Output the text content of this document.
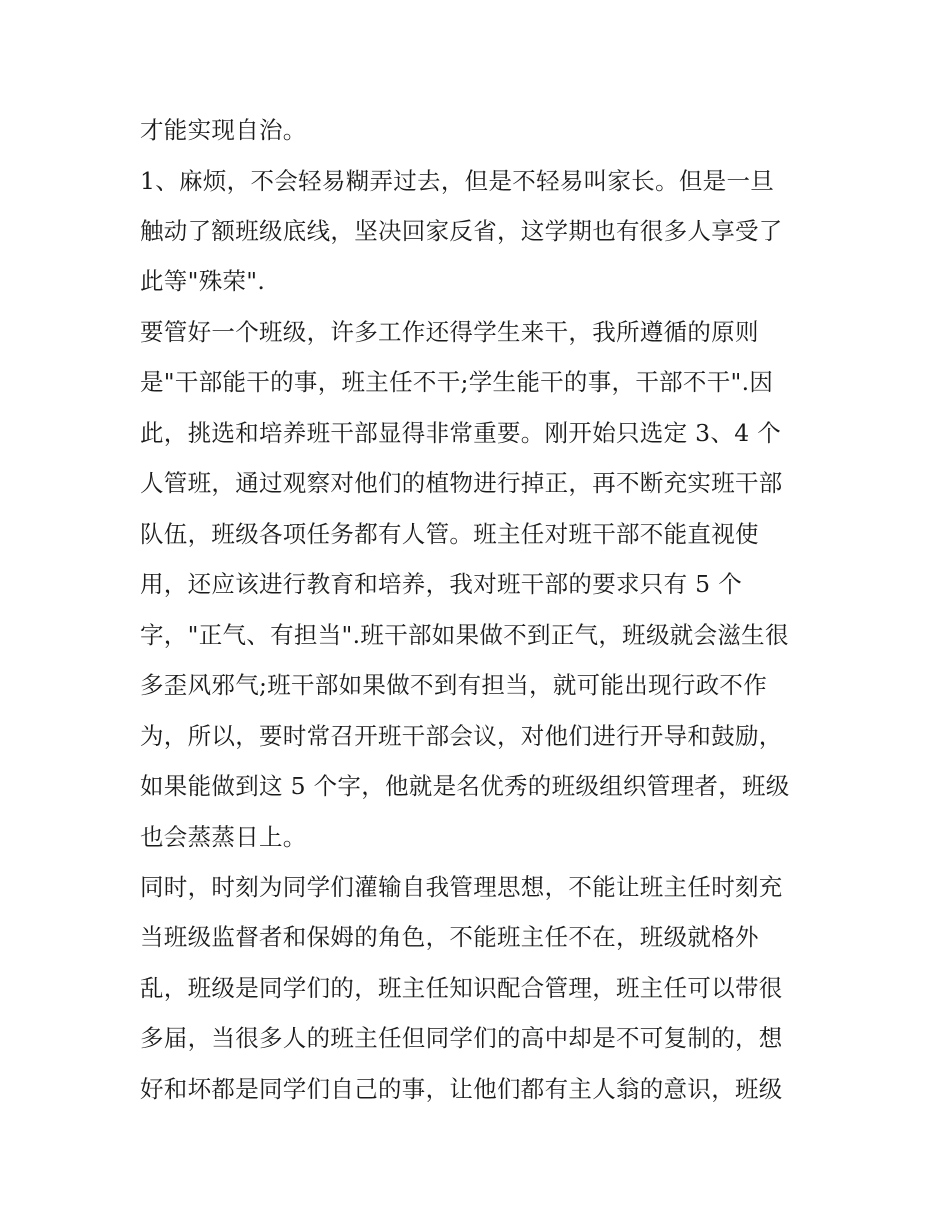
才能实现自治。
1、麻烦，不会轻易糊弄过去，但是不轻易叫家长。但是一旦
触动了额班级底线，坚决回家反省，这学期也有很多人享受了
此等"殊荣".
要管好一个班级，许多工作还得学生来干，我所遵循的原则
是"干部能干的事，班主任不干;学生能干的事，干部不干".因
此，挑选和培养班干部显得非常重要。刚开始只选定 3、4 个
人管班，通过观察对他们的植物进行掉正，再不断充实班干部
队伍，班级各项任务都有人管。班主任对班干部不能直视使
用，还应该进行教育和培养，我对班干部的要求只有 5 个
字，"正气、有担当".班干部如果做不到正气，班级就会滋生很
多歪风邪气;班干部如果做不到有担当，就可能出现行政不作
为，所以，要时常召开班干部会议，对他们进行开导和鼓励，
如果能做到这 5 个字，他就是名优秀的班级组织管理者，班级
也会蒸蒸日上。
同时，时刻为同学们灌输自我管理思想，不能让班主任时刻充
当班级监督者和保姆的角色，不能班主任不在，班级就格外
乱，班级是同学们的，班主任知识配合管理，班主任可以带很
多届，当很多人的班主任但同学们的高中却是不可复制的，想
好和坏都是同学们自己的事，让他们都有主人翁的意识，班级
